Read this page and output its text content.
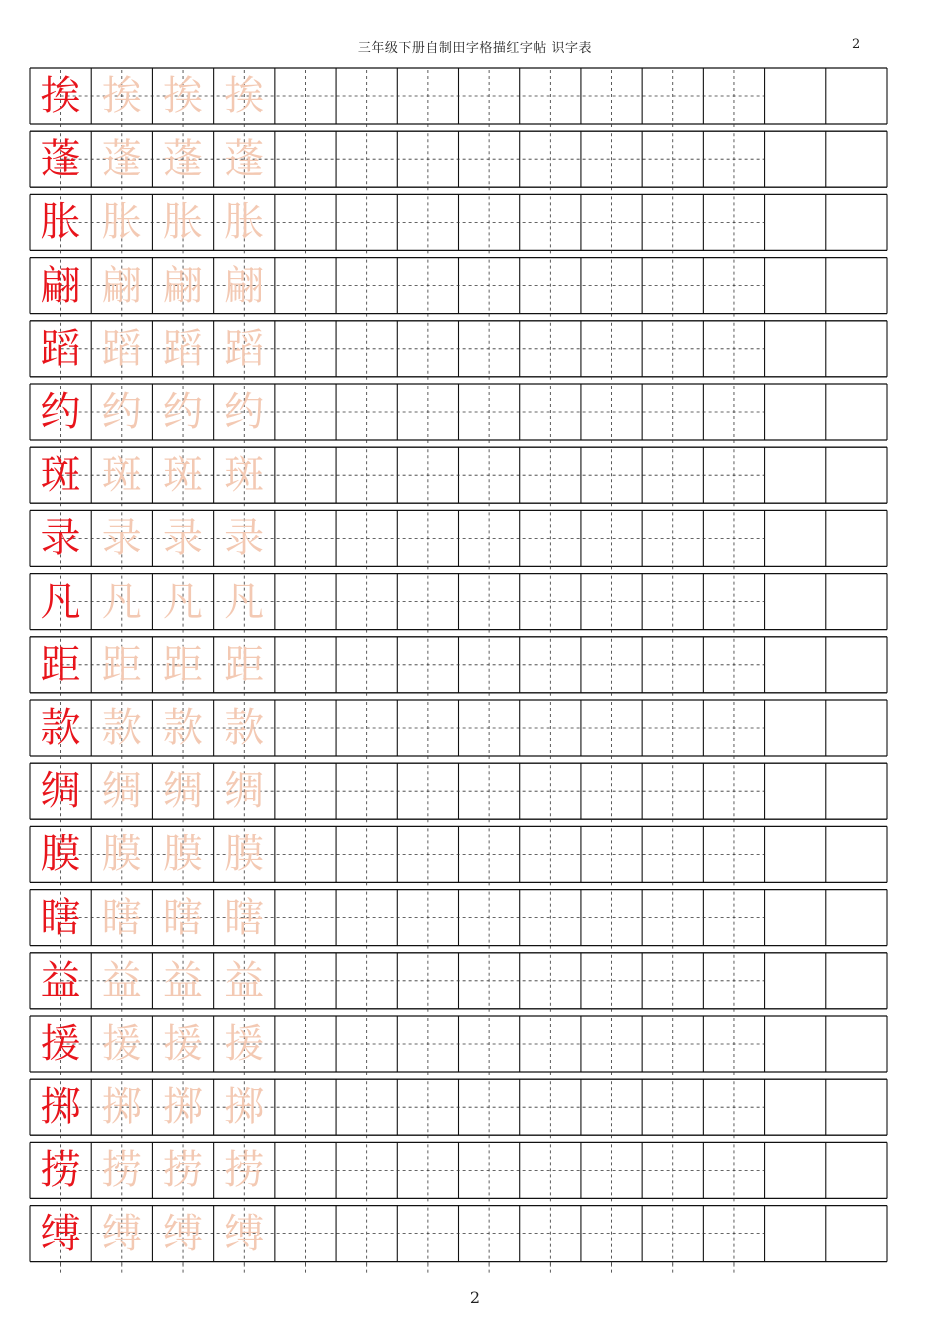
三年级下册自制田字格描红字帖 识字表	2
挨 挨 挨 挨
蓬 蓬 蓬 蓬
胀 胀 胀 胀
翩 翩 翩 翩
蹈 蹈 蹈 蹈
约 约 约 约
斑 斑 斑 斑
录 录 录 录
凡 凡 凡 凡
距 距 距 距
款 款 款 款
绸 绸 绸 绸
膜 膜 膜 膜
瞎 瞎 瞎 瞎
益 益 益 益
援 援 援 援
掷 掷 掷 掷
捞 捞 捞 捞
缚 缚 缚 缚
2
